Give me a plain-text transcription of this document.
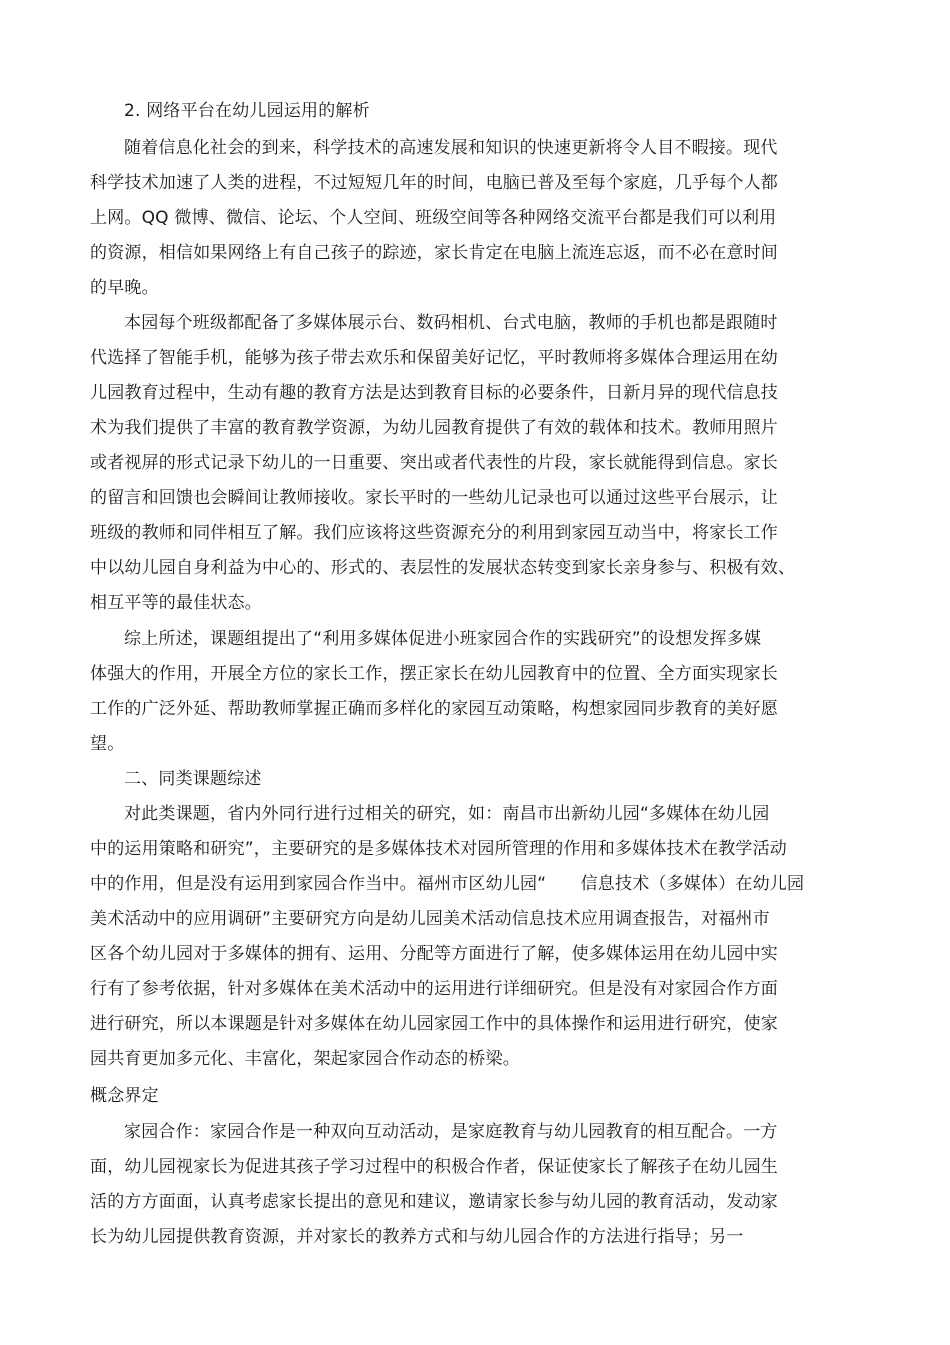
2. 网络平台在幼儿园运用的解析
随着信息化社会的到来，科学技术的高速发展和知识的快速更新将令人目不暇接。现代
科学技术加速了人类的进程，不过短短几年的时间，电脑已普及至每个家庭，几乎每个人都
上网。QQ 微博、微信、论坛、个人空间、班级空间等各种网络交流平台都是我们可以利用
的资源，相信如果网络上有自己孩子的踪迹，家长肯定在电脑上流连忘返，而不必在意时间
的早晚。
本园每个班级都配备了多媒体展示台、数码相机、台式电脑，教师的手机也都是跟随时
代选择了智能手机，能够为孩子带去欢乐和保留美好记忆，平时教师将多媒体合理运用在幼
儿园教育过程中，生动有趣的教育方法是达到教育目标的必要条件，日新月异的现代信息技
术为我们提供了丰富的教育教学资源，为幼儿园教育提供了有效的载体和技术。教师用照片
或者视屏的形式记录下幼儿的一日重要、突出或者代表性的片段，家长就能得到信息。家长
的留言和回馈也会瞬间让教师接收。家长平时的一些幼儿记录也可以通过这些平台展示，让
班级的教师和同伴相互了解。我们应该将这些资源充分的利用到家园互动当中，将家长工作
中以幼儿园自身利益为中心的、形式的、表层性的发展状态转变到家长亲身参与、积极有效、
相互平等的最佳状态。
综上所述，课题组提出了“利用多媒体促进小班家园合作的实践研究”的设想发挥多媒
体强大的作用，开展全方位的家长工作，摆正家长在幼儿园教育中的位置、全方面实现家长
工作的广泛外延、帮助教师掌握正确而多样化的家园互动策略，构想家园同步教育的美好愿
望。
二、同类课题综述
对此类课题，省内外同行进行过相关的研究，如：南昌市出新幼儿园“多媒体在幼儿园
中的运用策略和研究”，主要研究的是多媒体技术对园所管理的作用和多媒体技术在教学活动
中的作用，但是没有运用到家园合作当中。福州市区幼儿园“　　信息技术（多媒体）在幼儿园
美术活动中的应用调研”主要研究方向是幼儿园美术活动信息技术应用调查报告，对福州市
区各个幼儿园对于多媒体的拥有、运用、分配等方面进行了解，使多媒体运用在幼儿园中实
行有了参考依据，针对多媒体在美术活动中的运用进行详细研究。但是没有对家园合作方面
进行研究，所以本课题是针对多媒体在幼儿园家园工作中的具体操作和运用进行研究，使家
园共育更加多元化、丰富化，架起家园合作动态的桥梁。
概念界定
家园合作：家园合作是一种双向互动活动，是家庭教育与幼儿园教育的相互配合。一方
面，幼儿园视家长为促进其孩子学习过程中的积极合作者，保证使家长了解孩子在幼儿园生
活的方方面面，认真考虑家长提出的意见和建议，邀请家长参与幼儿园的教育活动，发动家
长为幼儿园提供教育资源，并对家长的教养方式和与幼儿园合作的方法进行指导；另一
